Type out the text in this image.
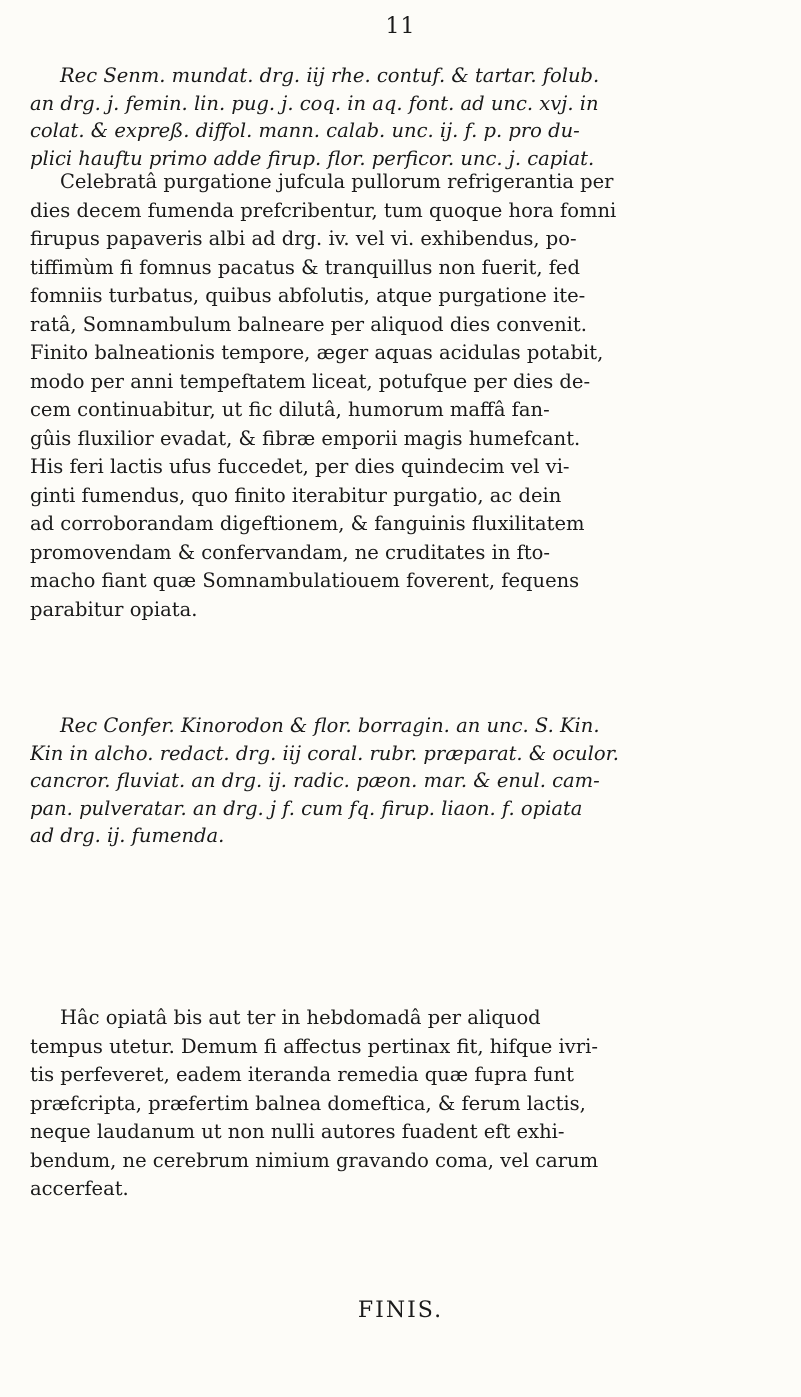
11
Rec Senm. mundat. drg. iij rhe. contuf. & tartar. folub.
an drg. j. femin. lin. pug. j. coq. in aq. font. ad unc. xvj. in
colat. & expreß. diffol. mann. calab. unc. ij. f. p. pro du-
plici hauftu primo adde firup. flor. perficor. unc. j. capiat.
Celebratâ purgatione jufcula pullorum refrigerantia per
dies decem fumenda prefcribentur, tum quoque hora fomni
firupus papaveris albi ad drg. iv. vel vi. exhibendus, po-
tiffimùm fi fomnus pacatus & tranquillus non fuerit, fed
fomniis turbatus, quibus abfolutis, atque purgatione ite-
ratâ, Somnambulum balneare per aliquod dies convenit.
Finito balneationis tempore, æger aquas acidulas potabit,
modo per anni tempeftatem liceat, potufque per dies de-
cem continuabitur, ut fic dilutâ, humorum maffâ fan-
gûis fluxilior evadat, & fibræ emporii magis humefcant.
His feri lactis ufus fuccedet, per dies quindecim vel vi-
ginti fumendus, quo finito iterabitur purgatio, ac dein
ad corroborandam digeftionem, & fanguinis fluxilitatem
promovendam & confervandam, ne cruditates in fto-
macho fiant quæ Somnambulatiouem foverent, fequens
parabitur opiata.
Rec Confer. Kinorodon & flor. borragin. an unc. S. Kin.
Kin in alcho. redact. drg. iij coral. rubr. præparat. & oculor.
cancror. fluviat. an drg. ij. radic. pæon. mar. & enul. cam-
pan. pulveratar. an drg. j f. cum fq. firup. liaon. f. opiata
ad drg. ij. fumenda.
Hâc opiatâ bis aut ter in hebdomadâ per aliquod
tempus utetur. Demum fi affectus pertinax fit, hifque ivri-
tis perfeveret, eadem iteranda remedia quæ fupra funt
præfcripta, præfertim balnea domeftica, & ferum lactis,
neque laudanum ut non nulli autores fuadent eft exhi-
bendum, ne cerebrum nimium gravando coma, vel carum
accerfeat.
FINIS.
